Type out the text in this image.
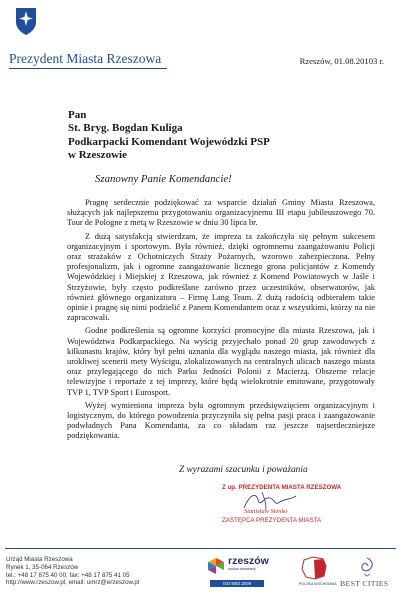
Prezydent Miasta Rzeszowa	Rzeszów, 01.08.20103 r.
Pan
St. Bryg. Bogdan Kuliga
Podkarpacki Komendant Wojewódzki PSP
w Rzeszowie
Szanowny Panie Komendancie!

Pragnę serdecznie podziękować za wsparcie działań Gminy Miasta Rzeszowa, służących jak najlepszemu przygotowaniu organizacyjnemu III etapu jubileuszowego 70. Tour de Pologne z metą w Rzeszowie w dniu 30 lipca br.

Z dużą satysfakcją stwierdzam, że impreza ta zakończyła się pełnym sukcesem organizacyjnym i sportowym. Była również, dzięki ogromnemu zaangażowaniu Policji oraz strażaków z Ochotniczych Straży Pożarnych, wzorowo zabezpieczona. Pełny profesjonalizm, jak i ogromne zaangażowanie licznego grona policjantów z Komendy Wojewódzkiej i Miejskiej z Rzeszowa, jak również z Komend Powiatowych w Jaśle i Strzyżowie, były często podkreślane zarówno przez uczestników, obserwatorów, jak również głównego organizatora – Firmę Lang Team. Z dużą radością odbierałem takie opinie i pragnę się nimi podzielić z Panem Komendantem oraz z wszystkimi, którzy na nie zapracowali.

Godne podkreślenia są ogromne korzyści promocyjne dla miasta Rzeszowa, jak i Województwa Podkarpackiego. Na wyścig przyjechało ponad 20 grup zawodowych z kilkunastu krajów, który był pełni uznania dla wyglądu naszego miasta, jak również dla urokliwej scenerii mety Wyścigu, zlokalizowanych na centralnych ulicach naszego miasta oraz przylegającego do nich Parku Jedności Polonii z Macierzą. Obszerne relacje telewizyjne i reportaże z tej imprezy, które będą wielokrotnie emitowane, przygotowały TVP 1, TVP Sport i Eurosport.

Wyżej wymieniona impreza była ogromnym przedsięwzięciem organizacyjnym i logistycznym, do którego powodzenia przyczyniła się pełna pasji praca i zaangażowanie podwładnych Pana Komendanta, za co składam raz jeszcze najserdeczniejsze podziękowania.

Z wyrazami szacunku i poważania
Z up. PREZYDENTA MIASTA RZESZOWA
Stanisław Sienko
ZASTĘPCA PREZYDENTA MIASTA
Urząd Miasta Rzeszowa
Rynek 1, 35-064 Rzeszów
tel.: +48 17 875 40 00, fax: +48 17 875 41 05
http://www.rzeszow.pl, email: umrz@erzeszow.pl
rzeszów
stolica innowacji
ISO 9001:2009	POLSKA WSCHODNIA BEST CITIES
